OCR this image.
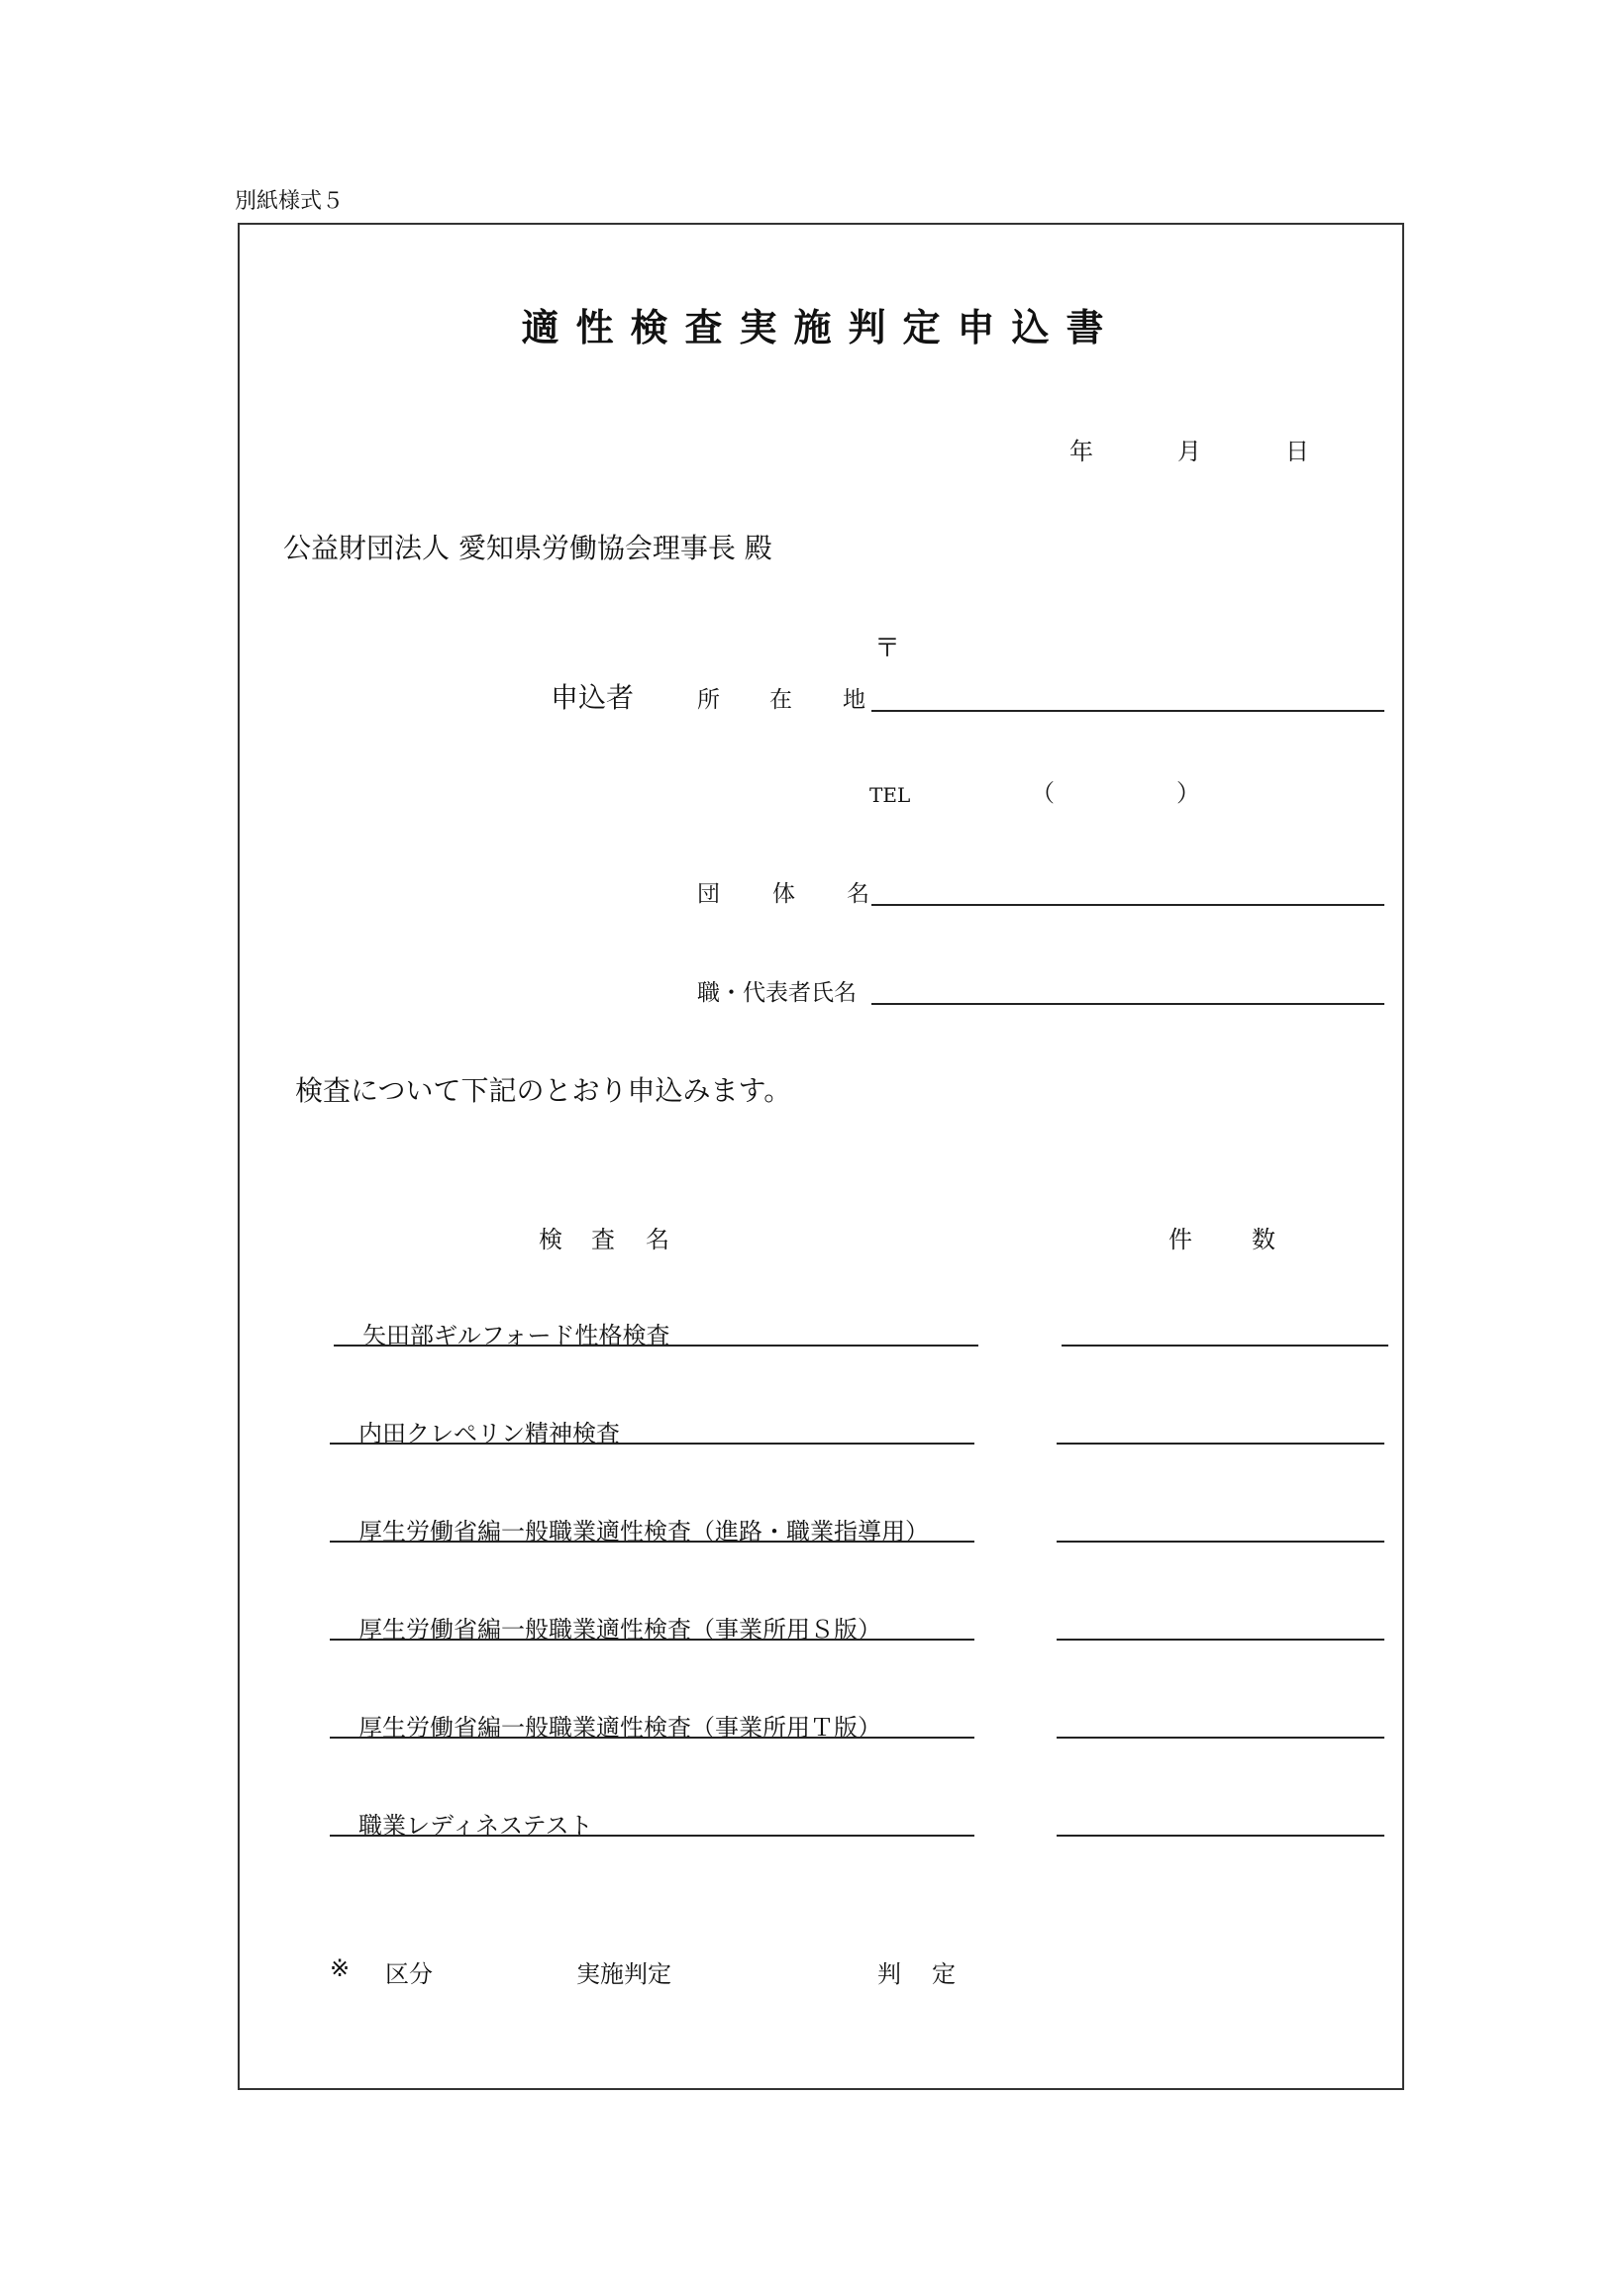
別紙様式５
適性検査実施判定申込書
年	月	日
公益財団法人 愛知県労働協会理事長 殿
〒
申込者	所 在 地
TEL	（	）
団 体 名
職・代表者氏名
検査について下記のとおり申込みます。
検 査 名	件	数
矢田部ギルフォード性格検査
内田クレペリン精神検査
厚生労働省編一般職業適性検査（進路・職業指導用）
厚生労働省編一般職業適性検査（事業所用Ｓ版）
厚生労働省編一般職業適性検査（事業所用Ｔ版）
職業レディネステスト
※ 区分	実施判定	判 定
